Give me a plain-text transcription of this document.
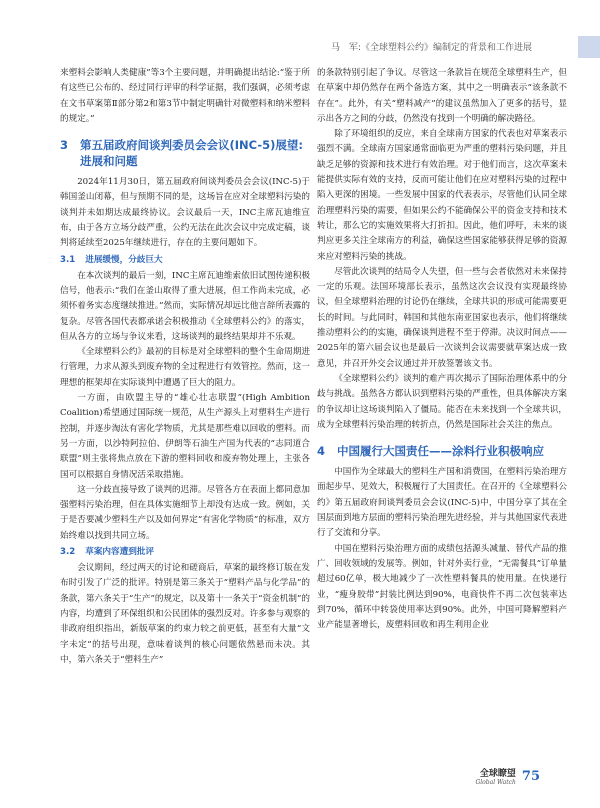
马　军:《全球塑料公约》编制定的背景和工作进展

来塑料会影响人类健康”等3个主要问题，并明确提出结论:“鉴于所有这些已公布的、经过同行评审的科学证据，我们强调，必须考虑在文书草案第Ⅱ部分第2和第3节中制定明确针对微塑料和纳米塑料的规定。”

3	第五届政府间谈判委员会会议(INC-5)展望:进展和问题

2024年11月30日，第五届政府间谈判委员会会议(INC-5)于韩国釜山闭幕，但与预期不同的是，这场旨在应对全球塑料污染的谈判并未如期达成最终协议。会议最后一天，INC主席瓦迪维宣布，由于各方立场分歧严重，公约无法在此次会议中完成定稿，谈判将延续至2025年继续进行，存在的主要问题如下。

3.1 进展缓慢，分歧巨大

在本次谈判的最后一刻，INC主席瓦迪维索依旧试图传递积极信号，他表示:“我们在釜山取得了重大进展，但工作尚未完成，必须怀着务实态度继续推进。”然而，实际情况却远比他言辞所表露的复杂。尽管各国代表都承诺会积极推动《全球塑料公约》的落实，但从各方的立场与争议来看，这场谈判的最终结果却并不乐观。

《全球塑料公约》最初的目标是对全球塑料的整个生命周期进行管理，力求从源头到废弃物的全过程进行有效管控。然而，这一理想的框架却在实际谈判中遭遇了巨大的阻力。

一方面，由欧盟主导的“雄心壮志联盟”(High Ambition Coalition)希望通过国际统一规范，从生产源头上对塑料生产进行控制，并逐步淘汰有害化学物质，尤其是那些难以回收的塑料。而另一方面，以沙特阿拉伯、伊朗等石油生产国为代表的“志同道合联盟”则主张将焦点放在下游的塑料回收和废弃物处理上，主张各国可以根据自身情况活采取措施。

这一分歧直接导致了谈判的迟滞。尽管各方在表面上都同意加强塑料污染治理，但在具体实施细节上却没有达成一致。例如，关于是否要减少塑料生产以及如何界定“有害化学物质”的标准，双方始终难以找到共同立场。

3.2 草案内容遭到批评

会议期间，经过两天的讨论和磋商后，草案的最终修订版在发布时引发了广泛的批评。特别是第三条关于“塑料产品与化学品”的条款，第六条关于“生产”的规定，以及第十一条关于“资金机制”的内容，均遭到了环保组织和公民团体的强烈反对。许多参与观察的非政府组织指出，新版草案的约束力较之前更低，甚至有大量“文字未定”的括号出现，意味着谈判的核心问题依然悬而未决。其中，第六条关于“塑料生产”

的条款特别引起了争议。尽管这一条款旨在规范全球塑料生产，但在草案中却仍然存在两个备选方案，其中之一明确表示“该条款不存在”。此外，有关“塑料减产”的建议虽然加入了更多的括号，显示出各方之间的分歧，仍然没有找到一个明确的解决路径。

除了环境组织的反应，来自全球南方国家的代表也对草案表示强烈不满。全球南方国家通常面临更为严重的塑料污染问题，并且缺乏足够的资源和技术进行有效治理。对于他们而言，这次草案未能提供实际有效的支持，反而可能让他们在应对塑料污染的过程中陷入更深的困境。一些发展中国家的代表表示，尽管他们认同全球治理塑料污染的需要，但如果公约不能确保公平的资金支持和技术转让，那么它的实施效果将大打折扣。因此，他们呼吁，未来的谈判应更多关注全球南方的利益，确保这些国家能够获得足够的资源来应对塑料污染的挑战。

尽管此次谈判的结局令人失望，但一些与会者依然对未来保持一定的乐观。法国环境部长表示，虽然这次会议没有实现最终协议，但全球塑料治理的讨论仍在继续，全球共识的形成可能需要更长的时间。与此同时，韩国和其他东南亚国家也表示，他们将继续推动塑料公约的实施，确保谈判进程不至于停滞。决议时间点——2025年的第六届会议也是最后一次谈判会议需要就草案达成一致意见，并召开外交会议通过并开放签署该文书。

《全球塑料公约》谈判的难产再次揭示了国际治理体系中的分歧与挑战。虽然各方都认识到塑料污染的严重性，但具体解决方案的争议却让这场谈判陷入了僵局。能否在未来找到一个全球共识，成为全球塑料污染治理的转折点，仍然是国际社会关注的焦点。

4	中国履行大国责任——涂料行业积极响应

中国作为全球最大的塑料生产国和消费国，在塑料污染治理方面起步早、见效大，积极履行了大国责任。在召开的《全球塑料公约》第五届政府间谈判委员会会议(INC-5)中，中国分享了其在全国层面到地方层面的塑料污染治理先进经验，并与其他国家代表进行了交流和分享。

中国在塑料污染治理方面的成绩包括源头减量、替代产品的推广、回收领域的发展等。例如，针对外卖行业，“无需餐具”订单量超过60亿单，极大地减少了一次性塑料餐具的使用量。在快递行业，“瘦身胶带”封装比例达到90%，电商快件不再二次包装率达到70%，循环中转袋使用率达到90%。此外，中国可降解塑料产业产能显著增长，废塑料回收和再生利用企业

全球瞭望
Global Watch 75
